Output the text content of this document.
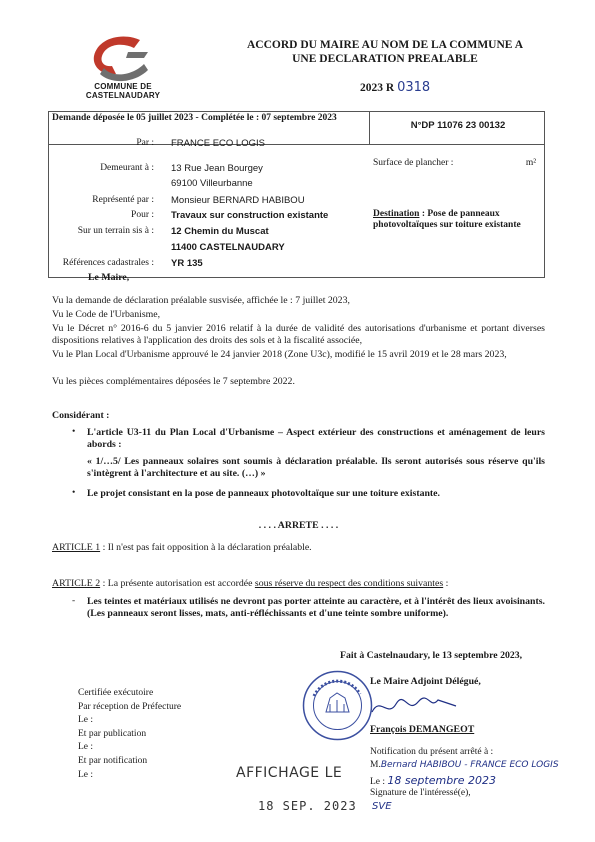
COMMUNE DE
CASTELNAUDARY
ACCORD DU MAIRE AU NOM DE LA COMMUNE A
UNE DECLARATION PREALABLE
2023 R 0318
Demande déposée le 05 juillet 2023 - Complétée le : 07 septembre 2023
N°DP 11076 23 00132
Par : FRANCE ECO LOGIS
Demeurant à : 13 Rue Jean Bourgey
69100 Villeurbanne
Représenté par : Monsieur BERNARD HABIBOU
Pour : Travaux sur construction existante
Sur un terrain sis à : 12 Chemin du Muscat
11400 CASTELNAUDARY
Références cadastrales : YR 135
Surface de plancher :	m²
Destination : Pose de panneaux photovoltaïques sur toiture existante
Le Maire,
Vu la demande de déclaration préalable susvisée, affichée le : 7 juillet 2023,
Vu le Code de l'Urbanisme,
Vu le Décret n° 2016-6 du 5 janvier 2016 relatif à la durée de validité des autorisations d'urbanisme et portant diverses dispositions relatives à l'application des droits des sols et à la fiscalité associée,
Vu le Plan Local d'Urbanisme approuvé le 24 janvier 2018 (Zone U3c), modifié le 15 avril 2019 et le 28 mars 2023,
Vu les pièces complémentaires déposées le 7 septembre 2022.
Considérant :
•	L'article U3-11 du Plan Local d'Urbanisme – Aspect extérieur des constructions et aménagement de leurs abords :
« 1/…5/ Les panneaux solaires sont soumis à déclaration préalable. Ils seront autorisés sous réserve qu'ils s'intègrent à l'architecture et au site. (…) »
•	Le projet consistant en la pose de panneaux photovoltaïque sur une toiture existante.
. . . . ARRETE . . . .
ARTICLE 1 : Il n'est pas fait opposition à la déclaration préalable.
ARTICLE 2 : La présente autorisation est accordée sous réserve du respect des conditions suivantes :
-	Les teintes et matériaux utilisés ne devront pas porter atteinte au caractère, et à l'intérêt des lieux avoisinants. (Les panneaux seront lisses, mats, anti-réfléchissants et d'une teinte sombre uniforme).
Fait à Castelnaudary, le 13 septembre 2023,
Le Maire Adjoint Délégué,
François DEMANGEOT
Certifiée exécutoire
Par réception de Préfecture
Le :
Et par publication
Le :
Et par notification
Le :
Notification du présent arrêté à :
M.Bernard HABIBOU - FRANCE ECO LOGIS
Le : 18 septembre 2023
Signature de l'intéressé(e),
SVE
AFFICHAGE LE
18 SEP. 2023
